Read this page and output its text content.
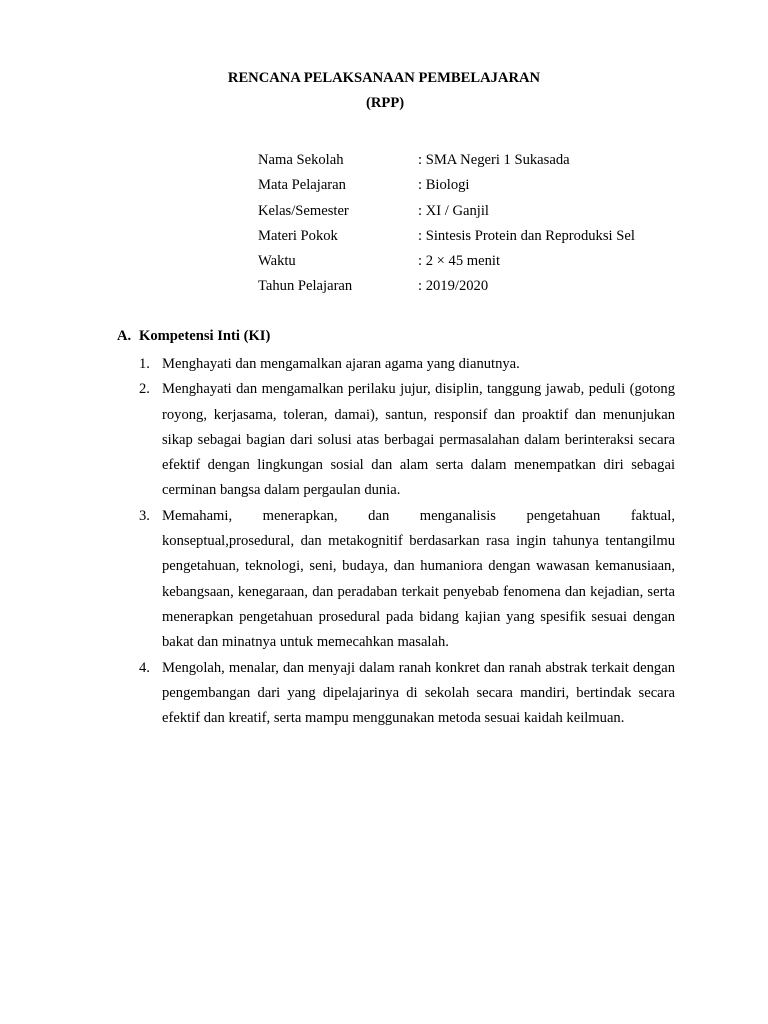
RENCANA PELAKSANAAN PEMBELAJARAN
(RPP)
Nama Sekolah	: SMA Negeri 1 Sukasada
Mata Pelajaran	: Biologi
Kelas/Semester	: XI / Ganjil
Materi Pokok	: Sintesis Protein dan Reproduksi Sel
Waktu	: 2 × 45 menit
Tahun Pelajaran	: 2019/2020
A. Kompetensi Inti (KI)
1. Menghayati dan mengamalkan ajaran agama yang dianutnya.

2. Menghayati dan mengamalkan perilaku jujur, disiplin, tanggung jawab, peduli (gotong royong, kerjasama, toleran, damai), santun, responsif dan proaktif dan menunjukan sikap sebagai bagian dari solusi atas berbagai permasalahan dalam berinteraksi secara efektif dengan lingkungan sosial dan alam serta dalam menempatkan diri sebagai cerminan bangsa dalam pergaulan dunia.

3. Memahami, menerapkan, dan menganalisis pengetahuan faktual, konseptual,prosedural, dan metakognitif berdasarkan rasa ingin tahunya tentangilmu pengetahuan, teknologi, seni, budaya, dan humaniora dengan wawasan kemanusiaan, kebangsaan, kenegaraan, dan peradaban terkait penyebab fenomena dan kejadian, serta menerapkan pengetahuan prosedural pada bidang kajian yang spesifik sesuai dengan bakat dan minatnya untuk memecahkan masalah.

4. Mengolah, menalar, dan menyaji dalam ranah konkret dan ranah abstrak terkait dengan pengembangan dari yang dipelajarinya di sekolah secara mandiri, bertindak secara efektif dan kreatif, serta mampu menggunakan metoda sesuai kaidah keilmuan.
